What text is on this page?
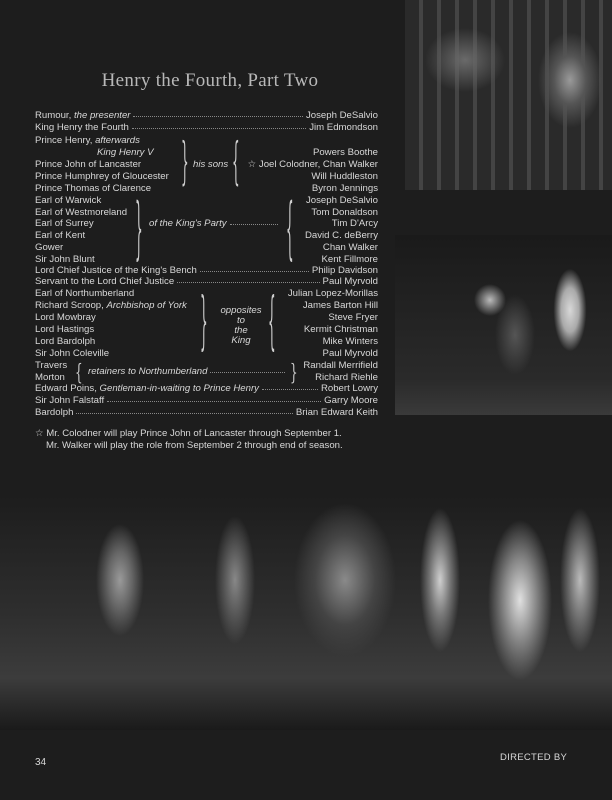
Henry the Fourth, Part Two
Rumour, the presenter	Joseph DeSalvio
King Henry the Fourth	Jim Edmondson
Prince Henry, afterwards
King Henry V	Powers Boothe
Prince John of Lancaster	☆ Joel Colodner, Chan Walker
Prince Humphrey of Gloucester	Will Huddleston
Prince Thomas of Clarence	Byron Jennings
Earl of Warwick	Joseph DeSalvio
Earl of Westmoreland	Tom Donaldson
Earl of Surrey	Tim D'Arcy
Earl of Kent	David C. deBerry
Gower	Chan Walker
Sir John Blunt	Kent Fillmore
Lord Chief Justice of the King's Bench	Philip Davidson
Servant to the Lord Chief Justice	Paul Myrvold
Earl of Northumberland	Julian Lopez-Morillas
Richard Scroop, Archbishop of York	James Barton Hill
Lord Mowbray	Steve Fryer
Lord Hastings	Kermit Christman
Lord Bardolph	Mike Winters
Sir John Coleville	Paul Myrvold
Travers	Randall Merrifield
Morton	Richard Riehle
Edward Poins, Gentleman-in-waiting to Prince Henry	Robert Lowry
Sir John Falstaff	Garry Moore
Bardolph	Brian Edward Keith
} his sons {
} of the King's Party	{
}	opposites
to
the
King	{
{ retainers to Northumberland	}
☆ Mr. Colodner will play Prince John of Lancaster through September 1.
Mr. Walker will play the role from September 2 through end of season.
34	DIRECTED BY
